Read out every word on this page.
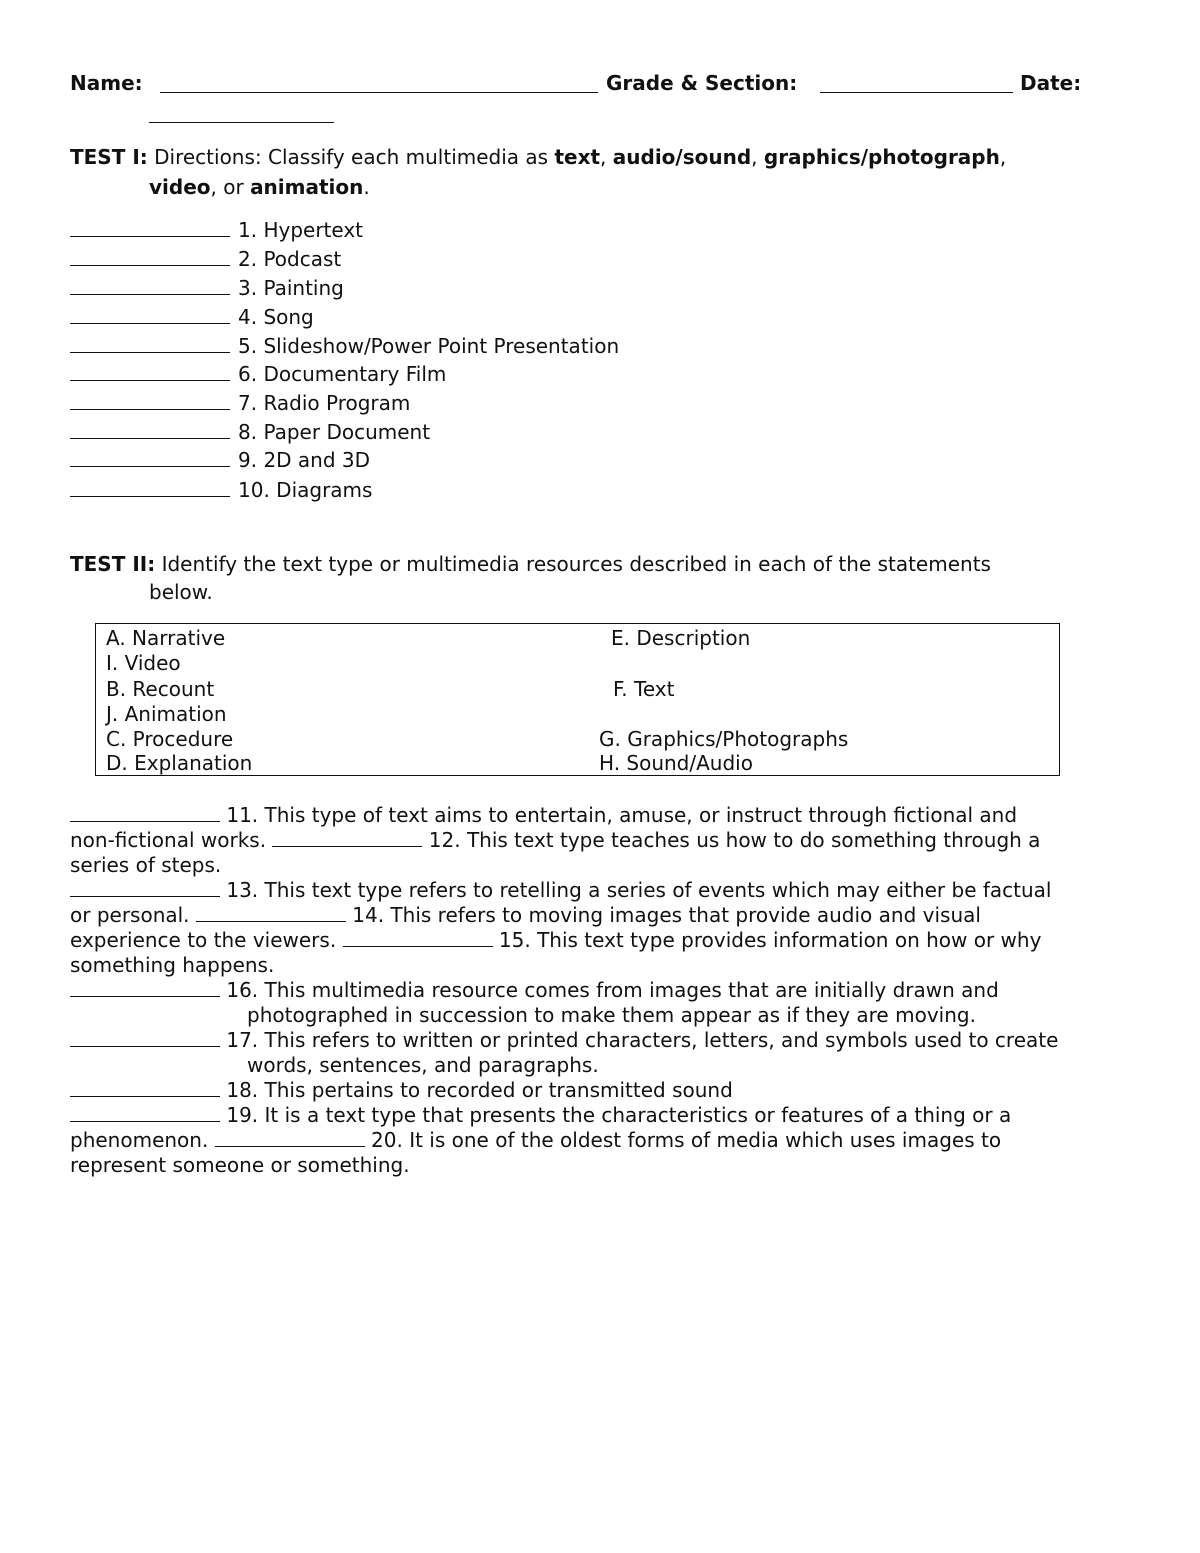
Name:	Grade & Section:	Date:
TEST I: Directions: Classify each multimedia as text, audio/sound, graphics/photograph,
video, or animation.
1. Hypertext
2. Podcast
3. Painting
4. Song
5. Slideshow/Power Point Presentation
6. Documentary Film
7. Radio Program
8. Paper Document
9. 2D and 3D
10. Diagrams
TEST II: Identify the text type or multimedia resources described in each of the statements
below.
A. Narrative	E. Description
I. Video
B. Recount	F. Text
J. Animation
C. Procedure	G. Graphics/Photographs
D. Explanation	H. Sound/Audio
11. This type of text aims to entertain, amuse, or instruct through fictional and
non-fictional works.	12. This text type teaches us how to do something through a
series of steps.
13. This text type refers to retelling a series of events which may either be factual
or personal.	14. This refers to moving images that provide audio and visual
experience to the viewers.	15. This text type provides information on how or why
something happens.
16. This multimedia resource comes from images that are initially drawn and
photographed in succession to make them appear as if they are moving.
17. This refers to written or printed characters, letters, and symbols used to create
words, sentences, and paragraphs.
18. This pertains to recorded or transmitted sound
19. It is a text type that presents the characteristics or features of a thing or a
phenomenon.	20. It is one of the oldest forms of media which uses images to
represent someone or something.
